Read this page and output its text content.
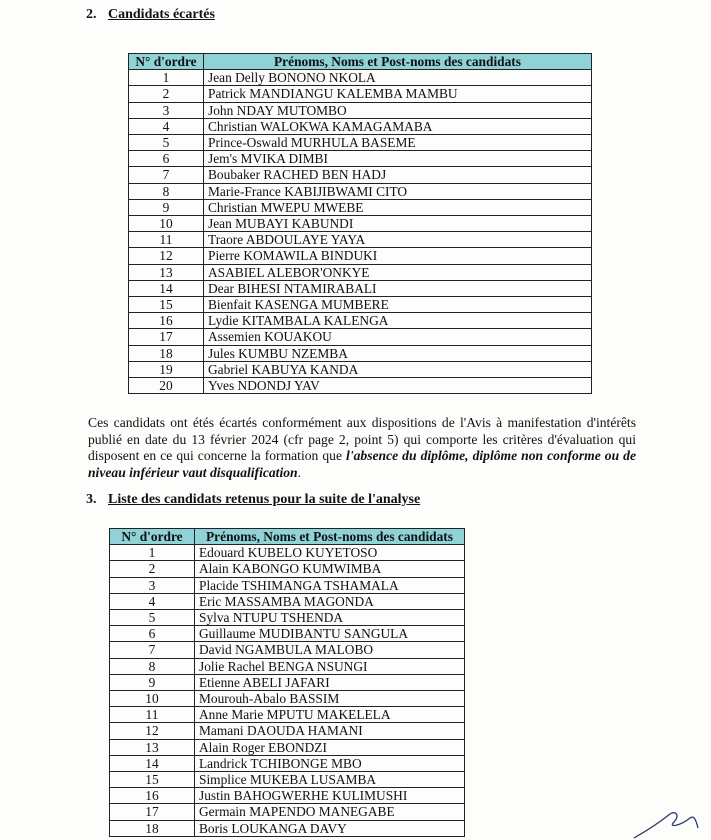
2. Candidats écartés
N° d'ordre	Prénoms, Noms et Post-noms des candidats
1	Jean Delly BONONO NKOLA
2	Patrick MANDIANGU KALEMBA MAMBU
3	John NDAY MUTOMBO
4	Christian WALOKWA KAMAGAMABA
5	Prince-Oswald MURHULA BASEME
6	Jem's MVIKA DIMBI
7	Boubaker RACHED BEN HADJ
8	Marie-France KABIJIBWAMI CITO
9	Christian MWEPU MWEBE
10	Jean MUBAYI KABUNDI
11	Traore ABDOULAYE YAYA
12	Pierre KOMAWILA BINDUKI
13	ASABIEL ALEBOR'ONKYE
14	Dear BIHESI NTAMIRABALI
15	Bienfait KASENGA MUMBERE
16	Lydie KITAMBALA KALENGA
17	Assemien KOUAKOU
18	Jules KUMBU NZEMBA
19	Gabriel KABUYA KANDA
20	Yves NDONDJ YAV
Ces candidats ont étés écartés conformément aux dispositions de l'Avis à manifestation d'intérêts publié en date du 13 février 2024 (cfr page 2, point 5) qui comporte les critères d'évaluation qui disposent en ce qui concerne la formation que l'absence du diplôme, diplôme non conforme ou de niveau inférieur vaut disqualification.
3. Liste des candidats retenus pour la suite de l'analyse
N° d'ordre	Prénoms, Noms et Post-noms des candidats
1	Edouard KUBELO KUYETOSO
2	Alain KABONGO KUMWIMBA
3	Placide TSHIMANGA TSHAMALA
4	Eric MASSAMBA MAGONDA
5	Sylva NTUPU TSHENDA
6	Guillaume MUDIBANTU SANGULA
7	David NGAMBULA MALOBO
8	Jolie Rachel BENGA NSUNGI
9	Etienne ABELI JAFARI
10	Mourouh-Abalo BASSIM
11	Anne Marie MPUTU MAKELELA
12	Mamani DAOUDA HAMANI
13	Alain Roger EBONDZI
14	Landrick TCHIBONGE MBO
15	Simplice MUKEBA LUSAMBA
16	Justin BAHOGWERHE KULIMUSHI
17	Germain MAPENDO MANEGABE
18	Boris LOUKANGA DAVY
